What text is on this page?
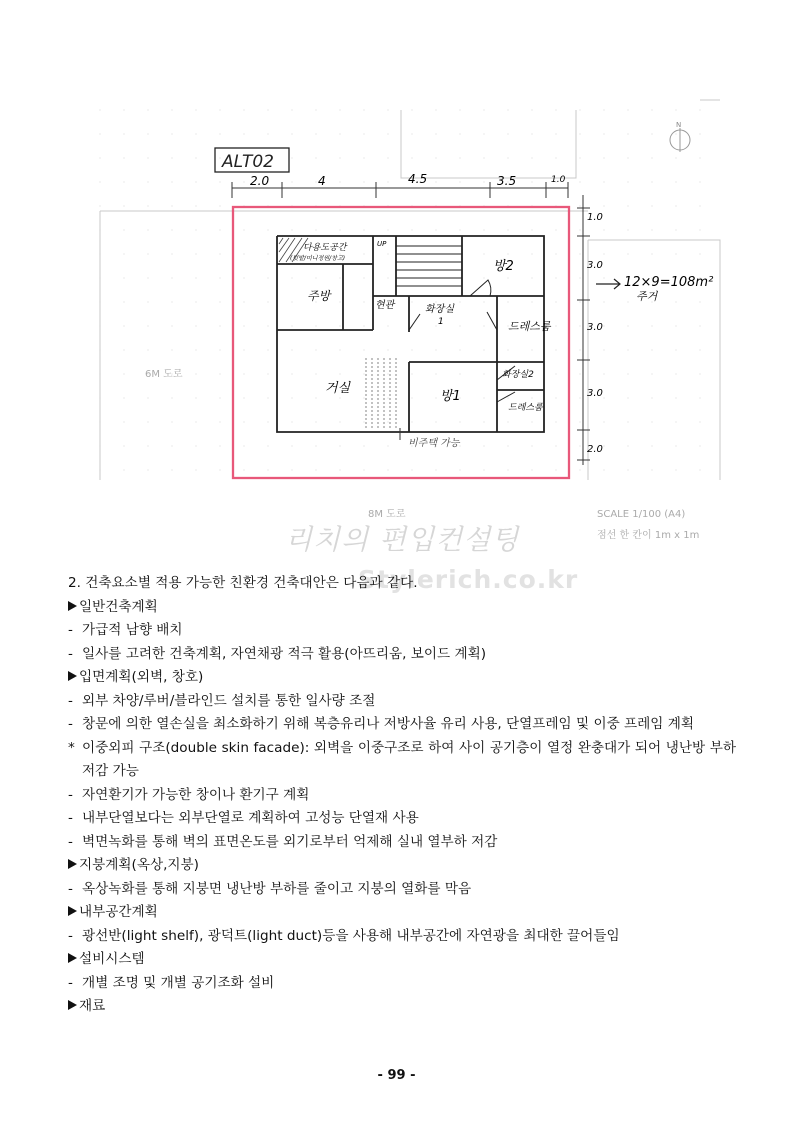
N
ALT02
2.0	4	4.5	3.5	1.0
1.0
3.0
3.0
3.0
2.0
다용도공간
(텃밭/미니정원/창고)
UP
주방
현관	화장실
1
방2
드레스룸
거실
방1
화장실2
드레스룸
비주택 가능
12×9=108m²
주거
6M 도로
8M 도로	SCALE 1/100 (A4)
점선 한 칸이 1m x 1m
리치의 편입컨설팅
Stylerich.co.kr
2. 건축요소별 적용 가능한 친환경 건축대안은 다음과 같다.
일반건축계획
- 가급적 남향 배치
- 일사를 고려한 건축계획, 자연채광 적극 활용(아뜨리움, 보이드 계획)
입면계획(외벽, 창호)
- 외부 차양/루버/블라인드 설치를 통한 일사량 조절
- 창문에 의한 열손실을 최소화하기 위해 복층유리나 저방사율 유리 사용, 단열프레임 및 이중 프레임 계획
* 이중외피 구조(double skin facade): 외벽을 이중구조로 하여 사이 공기층이 열정 완충대가 되어 냉난방 부하 저감 가능
- 자연환기가 가능한 창이나 환기구 계획
- 내부단열보다는 외부단열로 계획하여 고성능 단열재 사용
- 벽면녹화를 통해 벽의 표면온도를 외기로부터 억제해 실내 열부하 저감
지붕계획(옥상,지붕)
- 옥상녹화를 통해 지붕면 냉난방 부하를 줄이고 지붕의 열화를 막음
내부공간계획
- 광선반(light shelf), 광덕트(light duct)등을 사용해 내부공간에 자연광을 최대한 끌어들임
설비시스템
- 개별 조명 및 개별 공기조화 설비
재료
- 99 -
